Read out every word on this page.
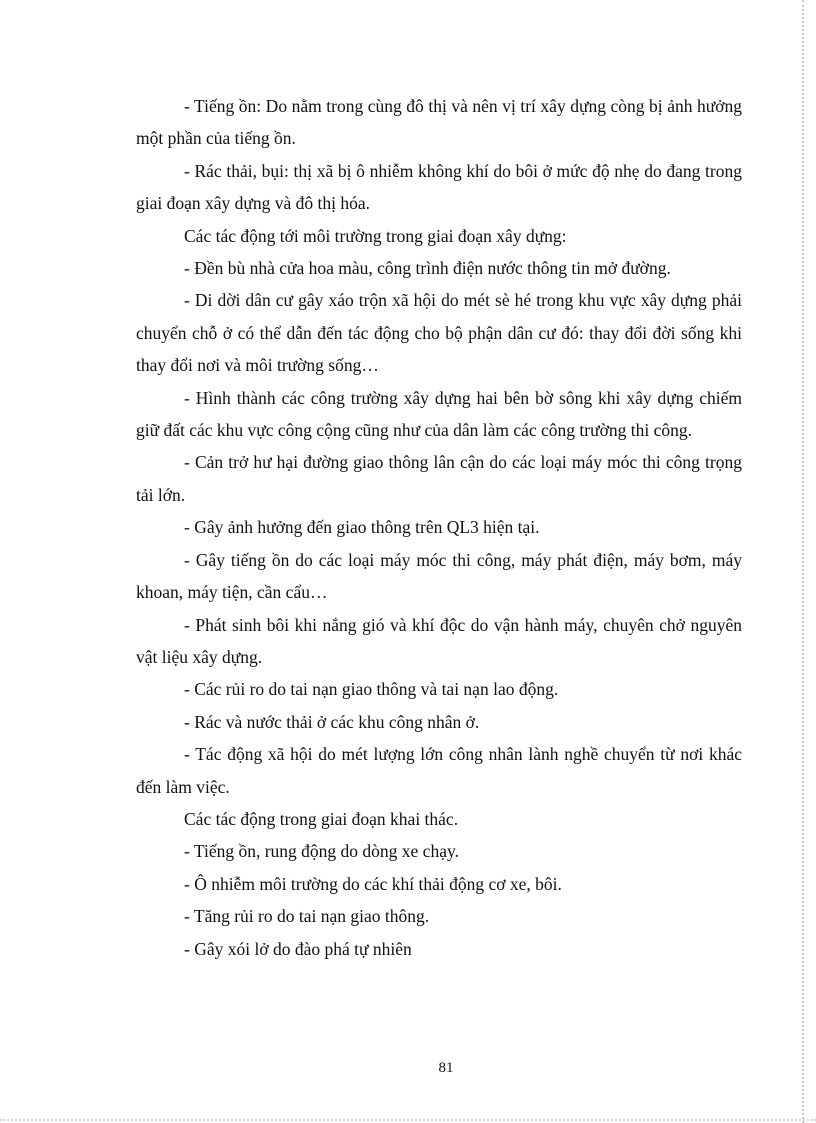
- Tiếng ồn: Do nằm trong cùng đô thị và nên vị trí xây dựng còng bị ảnh hưởng một phần của tiếng ồn.

- Rác thải, bụi: thị xã bị ô nhiễm không khí do bôi ở mức độ nhẹ do đang trong giai đoạn xây dựng và đô thị hóa.

Các tác động tới môi trường trong giai đoạn xây dựng:

- Đền bù nhà cửa hoa màu, công trình điện nước thông tin mở đường.

- Di dời dân cư gây xáo trộn xã hội do mét sè hé trong khu vực xây dựng phải chuyển chỗ ở có thể dẫn đến tác động cho bộ phận dân cư đó: thay đổi đời sống khi thay đổi nơi và môi trường sống…

- Hình thành các công trường xây dựng hai bên bờ sông khi xây dựng chiếm giữ đất các khu vực công cộng cũng như của dân làm các công trường thi công.

- Cản trở hư hại đường giao thông lân cận do các loại máy móc thi công trọng tải lớn.

- Gây ảnh hưởng đến giao thông trên QL3 hiện tại.

- Gây tiếng ồn do các loại máy móc thi công, máy phát điện, máy bơm, máy khoan, máy tiện, cần cẩu…

- Phát sinh bôi khi nắng gió và khí độc do vận hành máy, chuyên chở nguyên vật liệu xây dựng.

- Các rủi ro do tai nạn giao thông và tai nạn lao động.

- Rác và nước thải ở các khu công nhân ở.

- Tác động xã hội do mét lượng lớn công nhân lành nghề chuyển từ nơi khác đến làm việc.

Các tác động trong giai đoạn khai thác.

- Tiếng ồn, rung động do dòng xe chạy.

- Ô nhiễm môi trường do các khí thải động cơ xe, bôi.

- Tăng rủi ro do tai nạn giao thông.

- Gây xói lở do đào phá tự nhiên

81
